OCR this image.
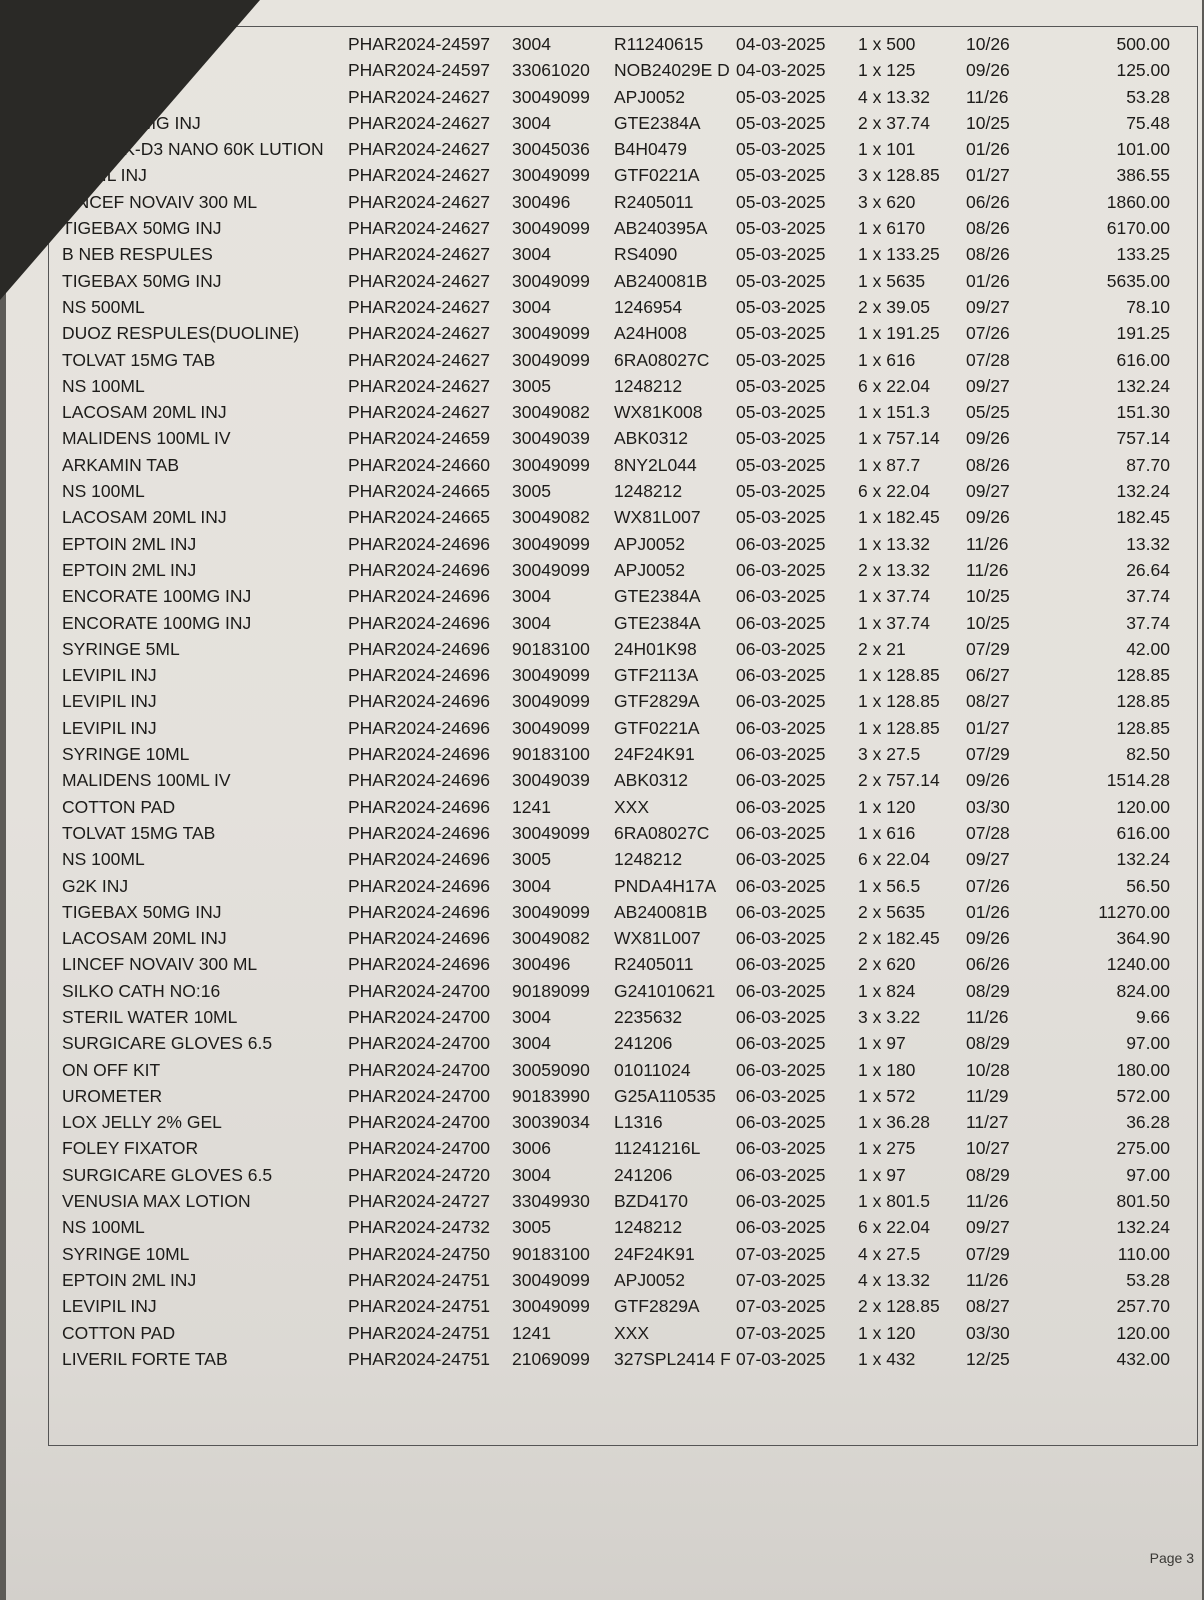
H PUMP (3M)	PHAR2024-24597	3004	R11240615	04-03-2025	1 x 500	10/26	500.00
H 100ML	PHAR2024-24597	33061020	NOB24029E D	04-03-2025	1 x 125	09/26	125.00
ML INJ	PHAR2024-24627	30049099	APJ0052	05-03-2025	4 x 13.32	11/26	53.28
RATE 100MG INJ	PHAR2024-24627	3004	GTE2384A	05-03-2025	2 x 37.74	10/25	75.48
CIQUICK-D3 NANO 60K LUTION	PHAR2024-24627	30045036	B4H0479	05-03-2025	1 x 101	01/26	101.00
EVIPIL INJ	PHAR2024-24627	30049099	GTF0221A	05-03-2025	3 x 128.85	01/27	386.55
LINCEF NOVAIV 300 ML	PHAR2024-24627	300496	R2405011	05-03-2025	3 x 620	06/26	1860.00
TIGEBAX 50MG INJ	PHAR2024-24627	30049099	AB240395A	05-03-2025	1 x 6170	08/26	6170.00
B NEB RESPULES	PHAR2024-24627	3004	RS4090	05-03-2025	1 x 133.25	08/26	133.25
TIGEBAX 50MG INJ	PHAR2024-24627	30049099	AB240081B	05-03-2025	1 x 5635	01/26	5635.00
NS 500ML	PHAR2024-24627	3004	1246954	05-03-2025	2 x 39.05	09/27	78.10
DUOZ RESPULES(DUOLINE)	PHAR2024-24627	30049099	A24H008	05-03-2025	1 x 191.25	07/26	191.25
TOLVAT 15MG TAB	PHAR2024-24627	30049099	6RA08027C	05-03-2025	1 x 616	07/28	616.00
NS 100ML	PHAR2024-24627	3005	1248212	05-03-2025	6 x 22.04	09/27	132.24
LACOSAM 20ML INJ	PHAR2024-24627	30049082	WX81K008	05-03-2025	1 x 151.3	05/25	151.30
MALIDENS 100ML IV	PHAR2024-24659	30049039	ABK0312	05-03-2025	1 x 757.14	09/26	757.14
ARKAMIN TAB	PHAR2024-24660	30049099	8NY2L044	05-03-2025	1 x 87.7	08/26	87.70
NS 100ML	PHAR2024-24665	3005	1248212	05-03-2025	6 x 22.04	09/27	132.24
LACOSAM 20ML INJ	PHAR2024-24665	30049082	WX81L007	05-03-2025	1 x 182.45	09/26	182.45
EPTOIN 2ML INJ	PHAR2024-24696	30049099	APJ0052	06-03-2025	1 x 13.32	11/26	13.32
EPTOIN 2ML INJ	PHAR2024-24696	30049099	APJ0052	06-03-2025	2 x 13.32	11/26	26.64
ENCORATE 100MG INJ	PHAR2024-24696	3004	GTE2384A	06-03-2025	1 x 37.74	10/25	37.74
ENCORATE 100MG INJ	PHAR2024-24696	3004	GTE2384A	06-03-2025	1 x 37.74	10/25	37.74
SYRINGE 5ML	PHAR2024-24696	90183100	24H01K98	06-03-2025	2 x 21	07/29	42.00
LEVIPIL INJ	PHAR2024-24696	30049099	GTF2113A	06-03-2025	1 x 128.85	06/27	128.85
LEVIPIL INJ	PHAR2024-24696	30049099	GTF2829A	06-03-2025	1 x 128.85	08/27	128.85
LEVIPIL INJ	PHAR2024-24696	30049099	GTF0221A	06-03-2025	1 x 128.85	01/27	128.85
SYRINGE 10ML	PHAR2024-24696	90183100	24F24K91	06-03-2025	3 x 27.5	07/29	82.50
MALIDENS 100ML IV	PHAR2024-24696	30049039	ABK0312	06-03-2025	2 x 757.14	09/26	1514.28
COTTON PAD	PHAR2024-24696	1241	XXX	06-03-2025	1 x 120	03/30	120.00
TOLVAT 15MG TAB	PHAR2024-24696	30049099	6RA08027C	06-03-2025	1 x 616	07/28	616.00
NS 100ML	PHAR2024-24696	3005	1248212	06-03-2025	6 x 22.04	09/27	132.24
G2K INJ	PHAR2024-24696	3004	PNDA4H17A	06-03-2025	1 x 56.5	07/26	56.50
TIGEBAX 50MG INJ	PHAR2024-24696	30049099	AB240081B	06-03-2025	2 x 5635	01/26	11270.00
LACOSAM 20ML INJ	PHAR2024-24696	30049082	WX81L007	06-03-2025	2 x 182.45	09/26	364.90
LINCEF NOVAIV 300 ML	PHAR2024-24696	300496	R2405011	06-03-2025	2 x 620	06/26	1240.00
SILKO CATH NO:16	PHAR2024-24700	90189099	G241010621	06-03-2025	1 x 824	08/29	824.00
STERIL WATER 10ML	PHAR2024-24700	3004	2235632	06-03-2025	3 x 3.22	11/26	9.66
SURGICARE GLOVES 6.5	PHAR2024-24700	3004	241206	06-03-2025	1 x 97	08/29	97.00
ON OFF KIT	PHAR2024-24700	30059090	01011024	06-03-2025	1 x 180	10/28	180.00
UROMETER	PHAR2024-24700	90183990	G25A110535	06-03-2025	1 x 572	11/29	572.00
LOX JELLY 2% GEL	PHAR2024-24700	30039034	L1316	06-03-2025	1 x 36.28	11/27	36.28
FOLEY FIXATOR	PHAR2024-24700	3006	11241216L	06-03-2025	1 x 275	10/27	275.00
SURGICARE GLOVES 6.5	PHAR2024-24720	3004	241206	06-03-2025	1 x 97	08/29	97.00
VENUSIA MAX LOTION	PHAR2024-24727	33049930	BZD4170	06-03-2025	1 x 801.5	11/26	801.50
NS 100ML	PHAR2024-24732	3005	1248212	06-03-2025	6 x 22.04	09/27	132.24
SYRINGE 10ML	PHAR2024-24750	90183100	24F24K91	07-03-2025	4 x 27.5	07/29	110.00
EPTOIN 2ML INJ	PHAR2024-24751	30049099	APJ0052	07-03-2025	4 x 13.32	11/26	53.28
LEVIPIL INJ	PHAR2024-24751	30049099	GTF2829A	07-03-2025	2 x 128.85	08/27	257.70
COTTON PAD	PHAR2024-24751	1241	XXX	07-03-2025	1 x 120	03/30	120.00
LIVERIL FORTE TAB	PHAR2024-24751	21069099	327SPL2414 F	07-03-2025	1 x 432	12/25	432.00
Page 3
